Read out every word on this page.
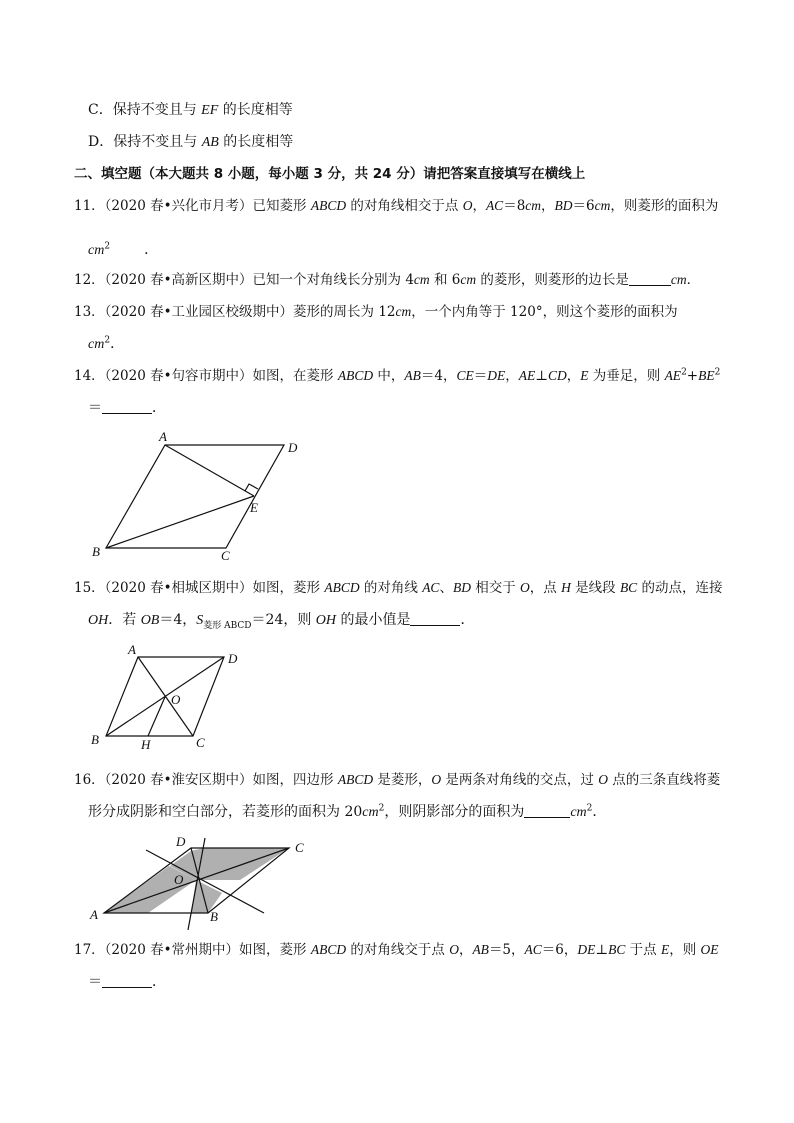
C．保持不变且与 EF 的长度相等
D．保持不变且与 AB 的长度相等
二、填空题（本大题共 8 小题，每小题 3 分，共 24 分）请把答案直接填写在横线上
11．（2020 春•兴化市月考）已知菱形 ABCD 的对角线相交于点 O，AC＝8cm，BD＝6cm，则菱形的面积为
$cm^2$ ．
12．（2020 春•高新区期中）已知一个对角线长分别为 4cm 和 6cm 的菱形，则菱形的边长是	cm．
13．（2020 春•工业园区校级期中）菱形的周长为 12cm，一个内角等于 120°，则这个菱形的面积为
$cm^2$．
14．（2020 春•句容市期中）如图，在菱形 ABCD 中，AB＝4，CE＝DE，AE⊥CD，E 为垂足，则 $AE^2+BE^2$
＝	．
A
D
E
B	C
15．（2020 春•相城区期中）如图，菱形 ABCD 的对角线 AC、BD 相交于 O，点 H 是线段 BC 的动点，连接
OH．若 OB＝4，$S_{菱形 ABCD}=24$，则 OH 的最小值是	．
A
D
O
B	H	C
16．（2020 春•淮安区期中）如图，四边形 ABCD 是菱形，O 是两条对角线的交点，过 O 点的三条直线将菱
形分成阴影和空白部分，若菱形的面积为 $20cm^2$，则阴影部分的面积为	$cm^2$．
D	C
O
A	B
17．（2020 春•常州期中）如图，菱形 ABCD 的对角线交于点 O，AB＝5，AC＝6，DE⊥BC 于点 E，则 OE
＝	．
